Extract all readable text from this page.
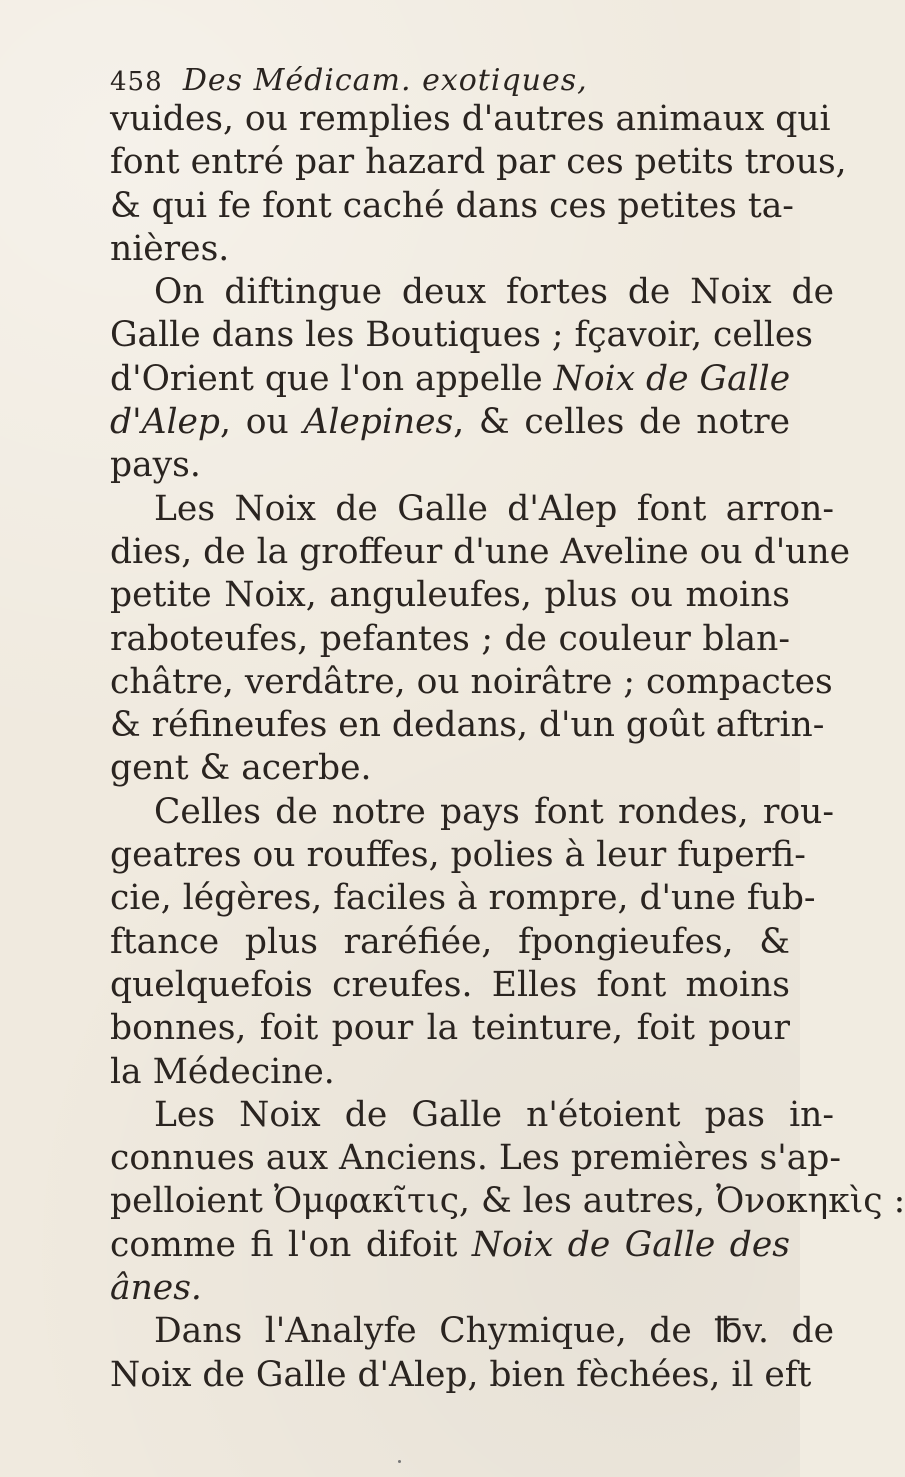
458 Des Médicam. exotiques,
vuides, ou remplies d'autres animaux qui
font entré par hazard par ces petits trous,
& qui fe font caché dans ces petites ta-
nières.
On diftingue deux fortes de Noix de
Galle dans les Boutiques ; fçavoir, celles
d'Orient que l'on appelle Noix de Galle
d'Alep, ou Alepines, & celles de notre
pays.
Les Noix de Galle d'Alep font arron-
dies, de la groffeur d'une Aveline ou d'une
petite Noix, anguleufes, plus ou moins
raboteufes, pefantes ; de couleur blan-
châtre, verdâtre, ou noirâtre ; compactes
& réfineufes en dedans, d'un goût aftrin-
gent & acerbe.
Celles de notre pays font rondes, rou-
geatres ou rouffes, polies à leur fuperfi-
cie, légères, faciles à rompre, d'une fub-
ftance plus raréfiée, fpongieufes, &
quelquefois creufes. Elles font moins
bonnes, foit pour la teinture, foit pour
la Médecine.
Les Noix de Galle n'étoient pas in-
connues aux Anciens. Les premières s'ap-
pelloient Ὀμφακῖτις, & les autres, Ὀνοκηκὶς :
comme fi l'on difoit Noix de Galle des
ânes.
Dans l'Analyfe Chymique, de ℔v. de
Noix de Galle d'Alep, bien fèchées, il eft
